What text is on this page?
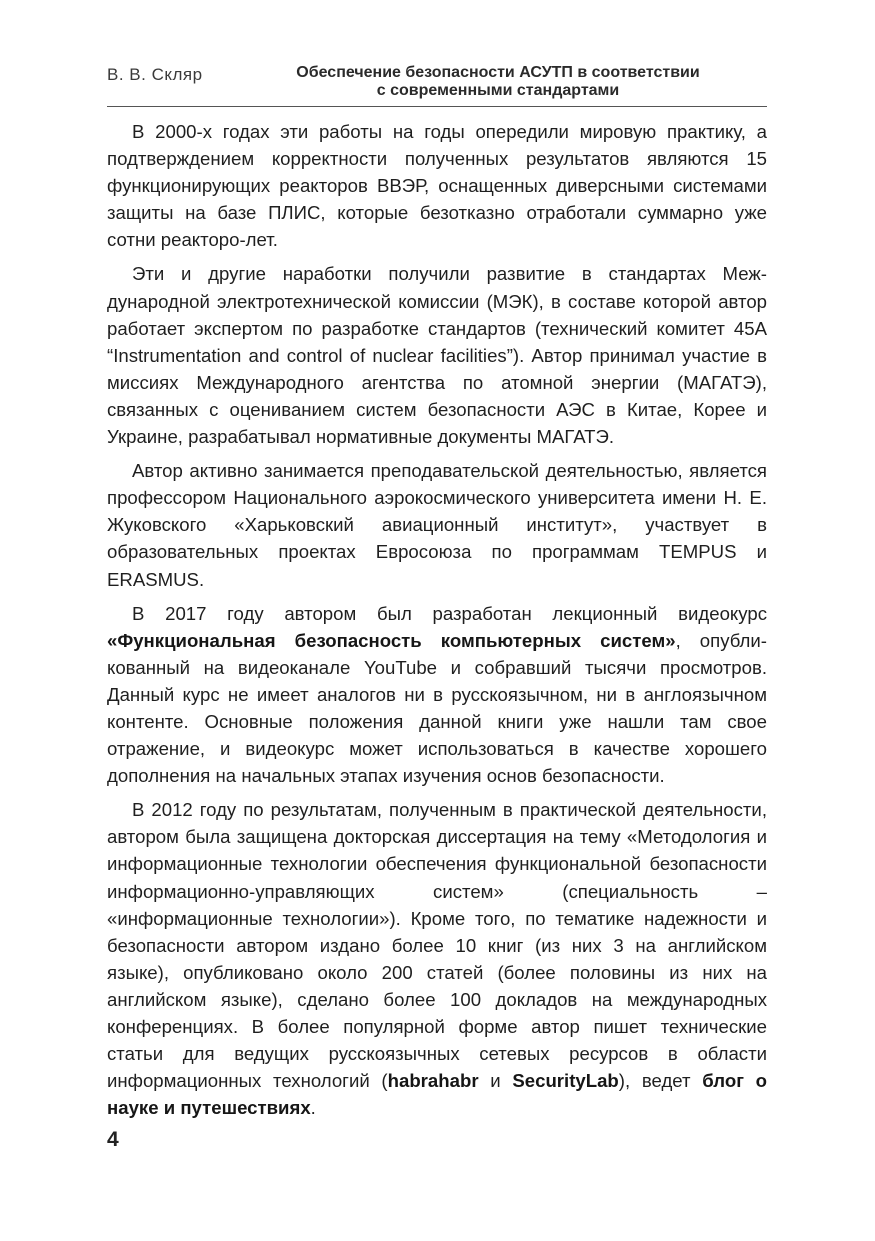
В. В. Скляр	Обеспечение безопасности АСУТП в соответствии
с современными стандартами

В 2000-х годах эти работы на годы опередили мировую практику, а подтверждением корректности полученных результатов являются 15 функционирующих реакторов ВВЭР, оснащенных диверсными системами защиты на базе ПЛИС, которые безотказно отработали суммарно уже сотни реакторо-лет.

Эти и другие наработки получили развитие в стандартах Международной электротехнической комиссии (МЭК), в составе которой автор работает экспертом по разработке стандартов (технический комитет 45A “Instrumentation and control of nuclear facilities”). Автор принимал участие в миссиях Международного агентства по атомной энергии (МАГАТЭ), связанных с оцениванием систем безопасности АЭС в Китае, Корее и Украине, разрабатывал нормативные документы МАГАТЭ.

Автор активно занимается преподавательской деятельностью, является профессором Национального аэрокосмического университета имени Н. Е. Жуковского «Харьковский авиационный институт», участвует в образовательных проектах Евросоюза по программам TEMPUS и ERASMUS.

В 2017 году автором был разработан лекционный видеокурс «Функциональная безопасность компьютерных систем», опубликованный на видеоканале YouTube и собравший тысячи просмотров. Данный курс не имеет аналогов ни в русскоязычном, ни в англоязычном контенте. Основные положения данной книги уже нашли там свое отражение, и видеокурс может использоваться в качестве хорошего дополнения на начальных этапах изучения основ безопасности.

В 2012 году по результатам, полученным в практической деятельности, автором была защищена докторская диссертация на тему «Методология и информационные технологии обеспечения функциональной безопасности информационно-управляющих систем» (специальность – «информационные технологии»). Кроме того, по тематике надежности и безопасности автором издано более 10 книг (из них 3 на английском языке), опубликовано около 200 статей (более половины из них на английском языке), сделано более 100 докладов на международных конференциях. В более популярной форме автор пишет технические статьи для ведущих русскоязычных сетевых ресурсов в области информационных технологий (habrahabr и SecurityLab), ведет блог о науке и путешествиях.

4
